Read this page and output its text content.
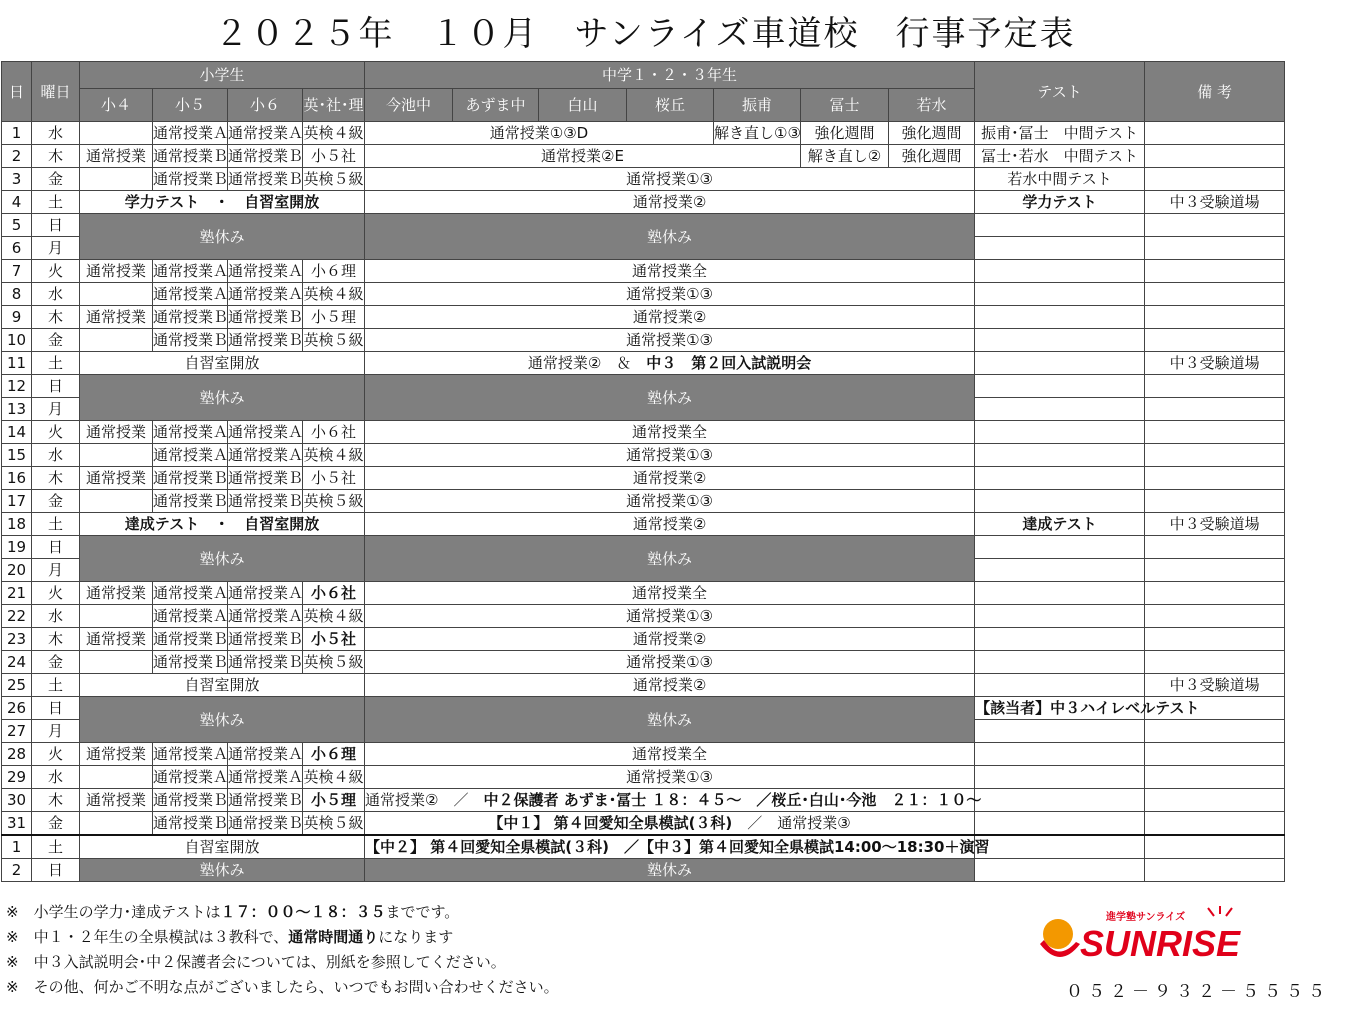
２０２５年　１０月　サンライズ車道校　行事予定表
日	曜日	小学生				中学１・２・３年生							テスト	備 考
		小４	小５	小６	英･社･理	今池中	あずま中	白山	桜丘	振甫	冨士	若水		
1	水		通常授業Ａ	通常授業Ａ	英検４級	通常授業①③D				解き直し①③	強化週間	強化週間	振甫･冨士　中間テスト	
2	木	通常授業	通常授業Ｂ	通常授業Ｂ	小５社	通常授業②E					解き直し②	強化週間	冨士･若水　中間テスト	
3	金		通常授業Ｂ	通常授業Ｂ	英検５級	通常授業①③							若水中間テスト	
4	土	学力テスト　・　自習室開放				通常授業②							学力テスト	中３受験道場
5	日	塾休み				塾休み								
6	月													
7	火	通常授業	通常授業Ａ	通常授業Ａ	小６理	通常授業全								
8	水		通常授業Ａ	通常授業Ａ	英検４級	通常授業①③								
9	木	通常授業	通常授業Ｂ	通常授業Ｂ	小５理	通常授業②								
10	金		通常授業Ｂ	通常授業Ｂ	英検５級	通常授業①③								
11	土	自習室開放				通常授業②　＆　中３　第２回入試説明会								中３受験道場
12	日	塾休み				塾休み								
13	月													
14	火	通常授業	通常授業Ａ	通常授業Ａ	小６社	通常授業全								
15	水		通常授業Ａ	通常授業Ａ	英検４級	通常授業①③								
16	木	通常授業	通常授業Ｂ	通常授業Ｂ	小５社	通常授業②								
17	金		通常授業Ｂ	通常授業Ｂ	英検５級	通常授業①③								
18	土	達成テスト　・　自習室開放				通常授業②							達成テスト	中３受験道場
19	日	塾休み				塾休み								
20	月													
21	火	通常授業	通常授業Ａ	通常授業Ａ	小６社	通常授業全								
22	水		通常授業Ａ	通常授業Ａ	英検４級	通常授業①③								
23	木	通常授業	通常授業Ｂ	通常授業Ｂ	小５社	通常授業②								
24	金		通常授業Ｂ	通常授業Ｂ	英検５級	通常授業①③								
25	土	自習室開放				通常授業②								中３受験道場
26	日	塾休み				塾休み							【該当者】中３ハイレベルテスト	
27	月													
28	火	通常授業	通常授業Ａ	通常授業Ａ	小６理	通常授業全								
29	水		通常授業Ａ	通常授業Ａ	英検４級	通常授業①③								
30	木	通常授業	通常授業Ｂ	通常授業Ｂ	小５理	通常授業②　／　中２保護者 あずま･冨士 １８：４５～　／桜丘･白山･今池　２１：１０～								
31	金		通常授業Ｂ	通常授業Ｂ	英検５級	【中１】 第４回愛知全県模試(３科)　／　通常授業③								
1	土	自習室開放				【中２】 第４回愛知全県模試(３科)　／【中３】第４回愛知全県模試14:00～18:30＋演習								
2	日	塾休み				塾休み								
※　小学生の学力･達成テストは１７：００～１８：３５までです。
※　中１・２年生の全県模試は３教科で、通常時間通りになります
※　中３入試説明会･中２保護者会については、別紙を参照してください。
※　その他、何かご不明な点がございましたら、いつでもお問い合わせください。
進学塾サンライズ
SUNRISE
０５２－９３２－５５５５
